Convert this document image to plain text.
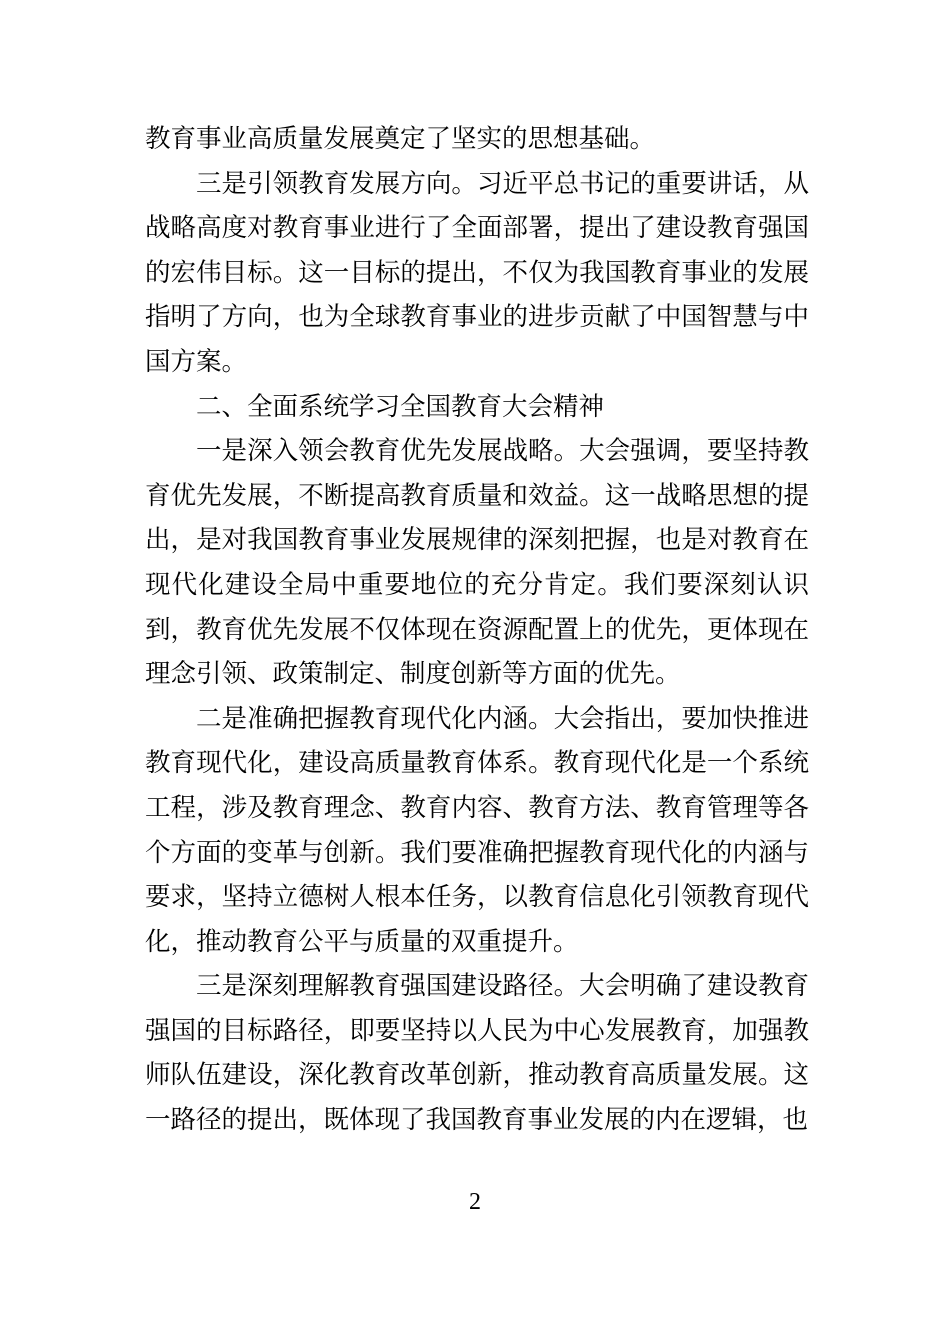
教育事业高质量发展奠定了坚实的思想基础。

三是引领教育发展方向。习近平总书记的重要讲话，从战略高度对教育事业进行了全面部署，提出了建设教育强国的宏伟目标。这一目标的提出，不仅为我国教育事业的发展指明了方向，也为全球教育事业的进步贡献了中国智慧与中国方案。

二、全面系统学习全国教育大会精神

一是深入领会教育优先发展战略。大会强调，要坚持教育优先发展，不断提高教育质量和效益。这一战略思想的提出，是对我国教育事业发展规律的深刻把握，也是对教育在现代化建设全局中重要地位的充分肯定。我们要深刻认识到，教育优先发展不仅体现在资源配置上的优先，更体现在理念引领、政策制定、制度创新等方面的优先。

二是准确把握教育现代化内涵。大会指出，要加快推进教育现代化，建设高质量教育体系。教育现代化是一个系统工程，涉及教育理念、教育内容、教育方法、教育管理等各个方面的变革与创新。我们要准确把握教育现代化的内涵与要求，坚持立德树人根本任务，以教育信息化引领教育现代化，推动教育公平与质量的双重提升。

三是深刻理解教育强国建设路径。大会明确了建设教育强国的目标路径，即要坚持以人民为中心发展教育，加强教师队伍建设，深化教育改革创新，推动教育高质量发展。这一路径的提出，既体现了我国教育事业发展的内在逻辑，也

2
